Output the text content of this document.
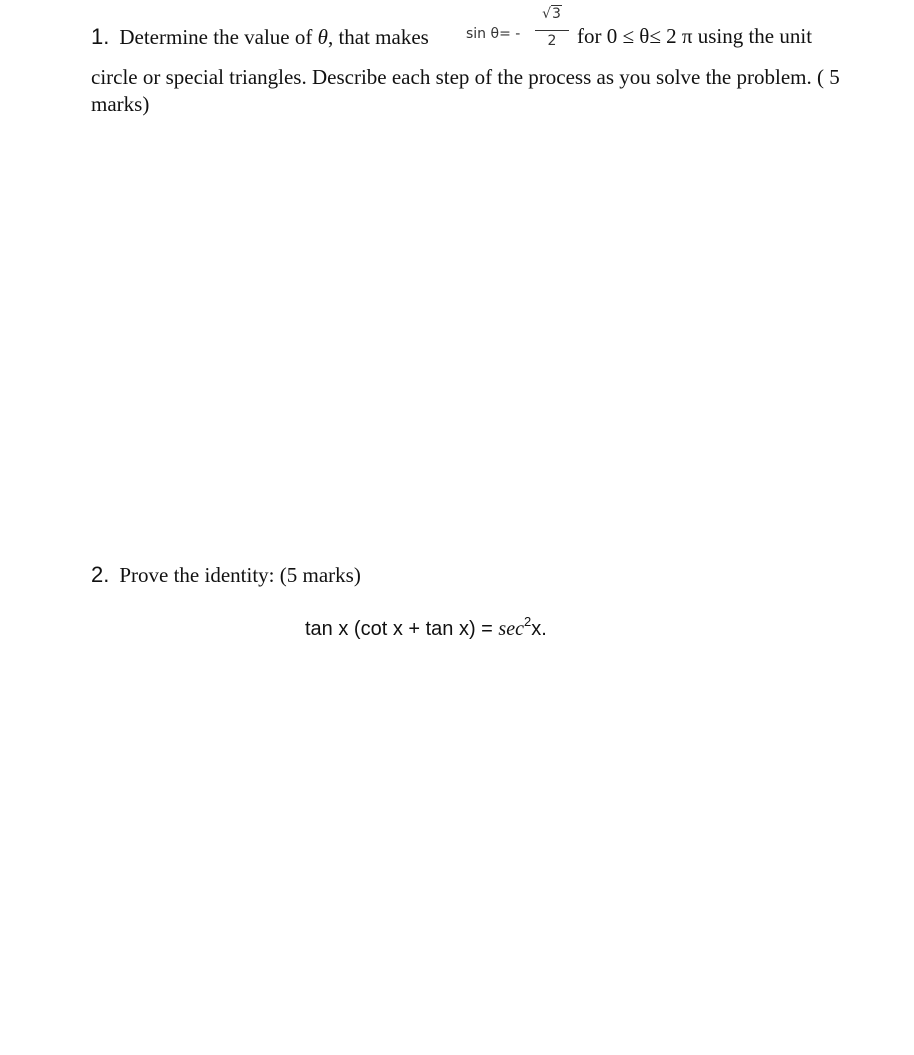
1. Determine the value of θ, that makes	sin θ= -
√3
2 for 0 ≤ θ≤ 2 π using the unit
circle or special triangles. Describe each step of the process as you solve the problem. ( 5 marks)
2. Prove the identity: (5 marks)
tan x (cot $x + \tan x) = \sec^2x$.
